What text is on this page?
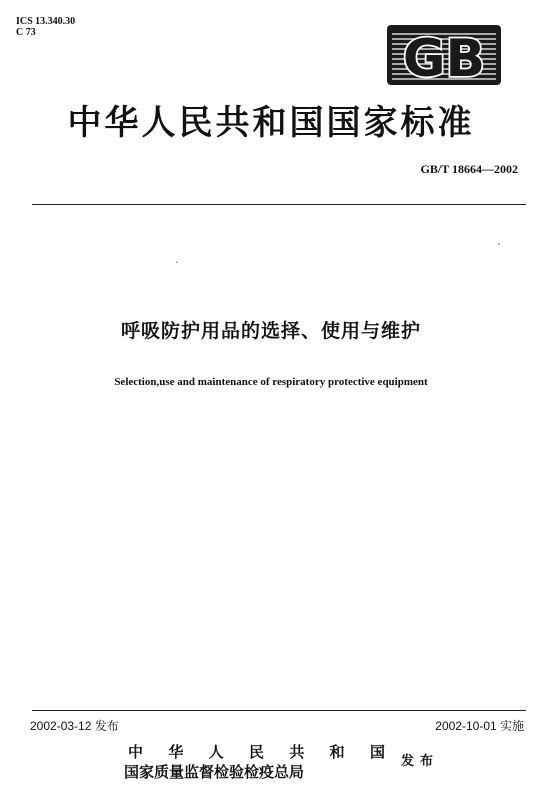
ICS 13.340.30
C 73	GB
中华人民共和国国家标准
GB/T 18664—2002
呼吸防护用品的选择、使用与维护
Selection,use and maintenance of respiratory protective equipment
2002-03-12 发布	2002-10-01 实施
中华人民共和国
国家质量监督检验检疫总局
发布
